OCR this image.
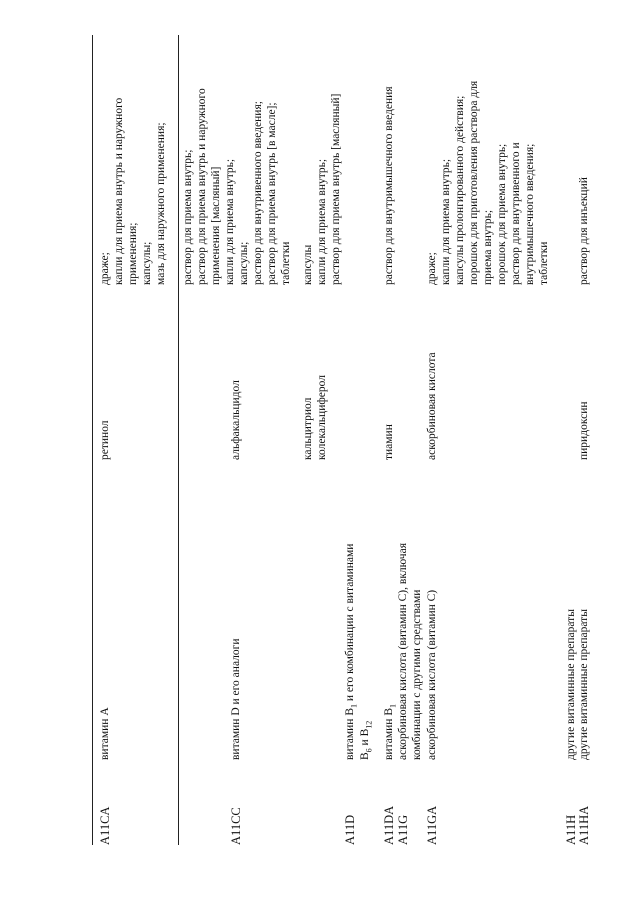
A11CA
витамин А
ретинол
драже; капли для приема внутрь и наружного применения; капсулы; мазь для наружного применения;
A11CC
витамин D и его аналоги
альфакальцидол
раствор для приема внутрь; раствор для приема внутрь и наружного применения [масляный] капли для приема внутрь; капсулы; раствор для внутривенного введения; раствор для приема внутрь [в масле]; таблетки
кальцитриол
капсулы
колекальциферол
капли для приема внутрь; раствор для приема внутрь [масляный]
A11D
витамин $B_1$ и его комбинации с витаминами
$B_6$ и $B_{12}$
A11DA
витамин $B_1$
тиамин
раствор для внутримышечного введения
A11G
аскорбиновая кислота (витамин С), включая комбинации с другими средствами
A11GA
аскорбиновая кислота (витамин С)
аскорбиновая кислота
драже; капли для приема внутрь; капсулы пролонгированного действия; порошок для приготовления раствора для приема внутрь; порошок для приема внутрь; раствор для внутривенного и внутримышечного введения; таблетки
A11H
другие витаминные препараты
A11HA
другие витаминные препараты
пиридоксин
раствор для инъекций
